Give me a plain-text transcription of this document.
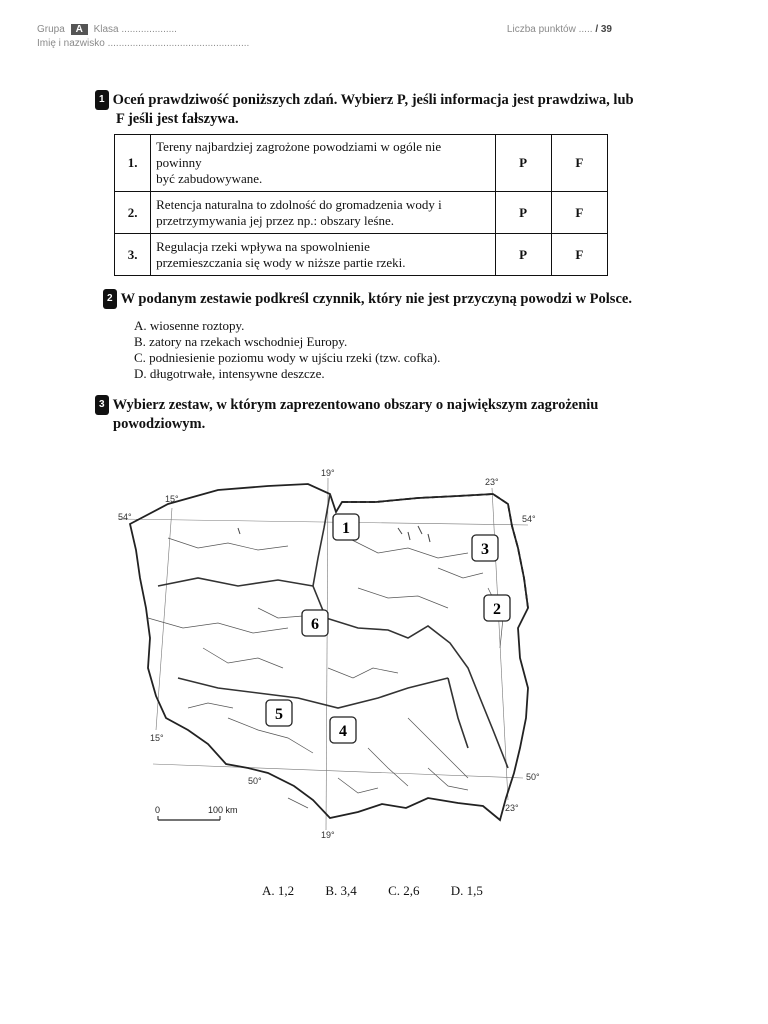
Grupa A Klasa ....................
Imię i nazwisko ...................................................
Liczba punktów ..... / 39
1 Oceń prawdziwość poniższych zdań. Wybierz P, jeśli informacja jest prawdziwa, lub
F jeśli jest fałszywa.
1.	Tereny najbardziej zagrożone powodziami w ogóle nie
powinny
być zabudowywane.	P	F
2.	Retencja naturalna to zdolność do gromadzenia wody i
przetrzymywania jej przez np.: obszary leśne.	P	F
3.	Regulacja rzeki wpływa na spowolnienie
przemieszczania się wody w niższe partie rzeki.	P	F
2 W podanym zestawie podkreśl czynnik, który nie jest przyczyną powodzi w Polsce.
A. wiosenne roztopy.
B. zatory na rzekach wschodniej Europy.
C. podniesienie poziomu wody w ujściu rzeki (tzw. cofka).
D. długotrwałe, intensywne deszcze.
3 Wybierz zestaw, w którym zaprezentowano obszary o największym zagrożeniu
powodziowym.
19°
19°
15°
15°
23°
23°
54°	54°
50°	50°
0	100 km
1
3
2
6
5
4
A. 1,2 B. 3,4 C. 2,6 D. 1,5
